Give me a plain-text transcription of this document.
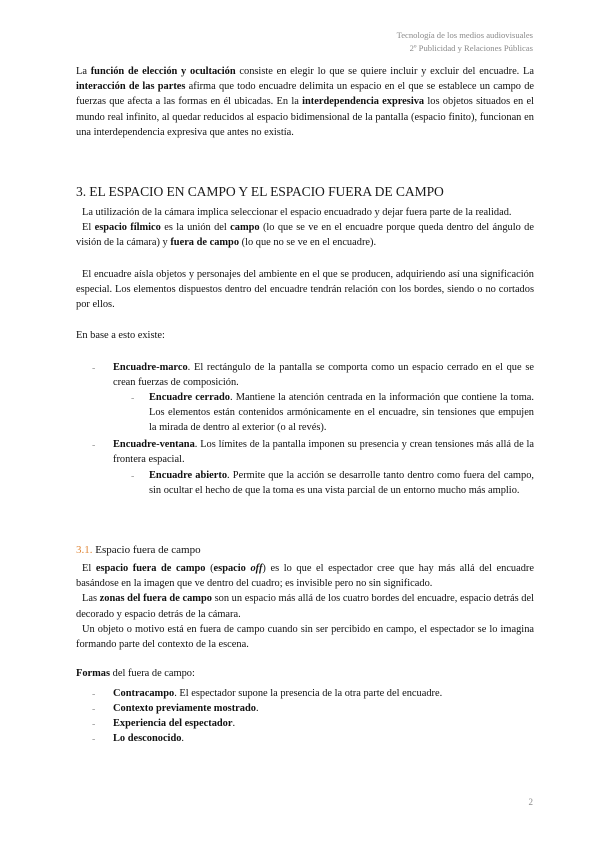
Tecnología de los medios audiovisuales
2º Publicidad y Relaciones Públicas

La función de elección y ocultación consiste en elegir lo que se quiere incluir y excluir del encuadre. La interacción de las partes afirma que todo encuadre delimita un espacio en el que se establece un campo de fuerzas que afecta a las formas en él ubicadas. En la interdependencia expresiva los objetos situados en el mundo real infinito, al quedar reducidos al espacio bidimensional de la pantalla (espacio finito), funcionan en una interdependencia expresiva que antes no existía.

3. EL ESPACIO EN CAMPO Y EL ESPACIO FUERA DE CAMPO

La utilización de la cámara implica seleccionar el espacio encuadrado y dejar fuera parte de la realidad.

El espacio fílmico es la unión del campo (lo que se ve en el encuadre porque queda dentro del ángulo de visión de la cámara) y fuera de campo (lo que no se ve en el encuadre).

El encuadre aísla objetos y personajes del ambiente en el que se producen, adquiriendo así una significación especial. Los elementos dispuestos dentro del encuadre tendrán relación con los bordes, siendo o no cortados por ellos.

En base a esto existe:

- Encuadre-marco. El rectángulo de la pantalla se comporta como un espacio cerrado en el que se crean fuerzas de composición.
- Encuadre cerrado. Mantiene la atención centrada en la información que contiene la toma. Los elementos están contenidos armónicamente en el encuadre, sin tensiones que empujen la mirada de dentro al exterior (o al revés).
- Encuadre-ventana. Los límites de la pantalla imponen su presencia y crean tensiones más allá de la frontera espacial.
- Encuadre abierto. Permite que la acción se desarrolle tanto dentro como fuera del campo, sin ocultar el hecho de que la toma es una vista parcial de un entorno mucho más amplio.
3.1. Espacio fuera de campo

El espacio fuera de campo (espacio off) es lo que el espectador cree que hay más allá del encuadre basándose en la imagen que ve dentro del cuadro; es invisible pero no sin significado.

Las zonas del fuera de campo son un espacio más allá de los cuatro bordes del encuadre, espacio detrás del decorado y espacio detrás de la cámara.

Un objeto o motivo está en fuera de campo cuando sin ser percibido en campo, el espectador se lo imagina formando parte del contexto de la escena.

Formas del fuera de campo:

- Contracampo. El espectador supone la presencia de la otra parte del encuadre.
- Contexto previamente mostrado.
- Experiencia del espectador.
- Lo desconocido.
2
